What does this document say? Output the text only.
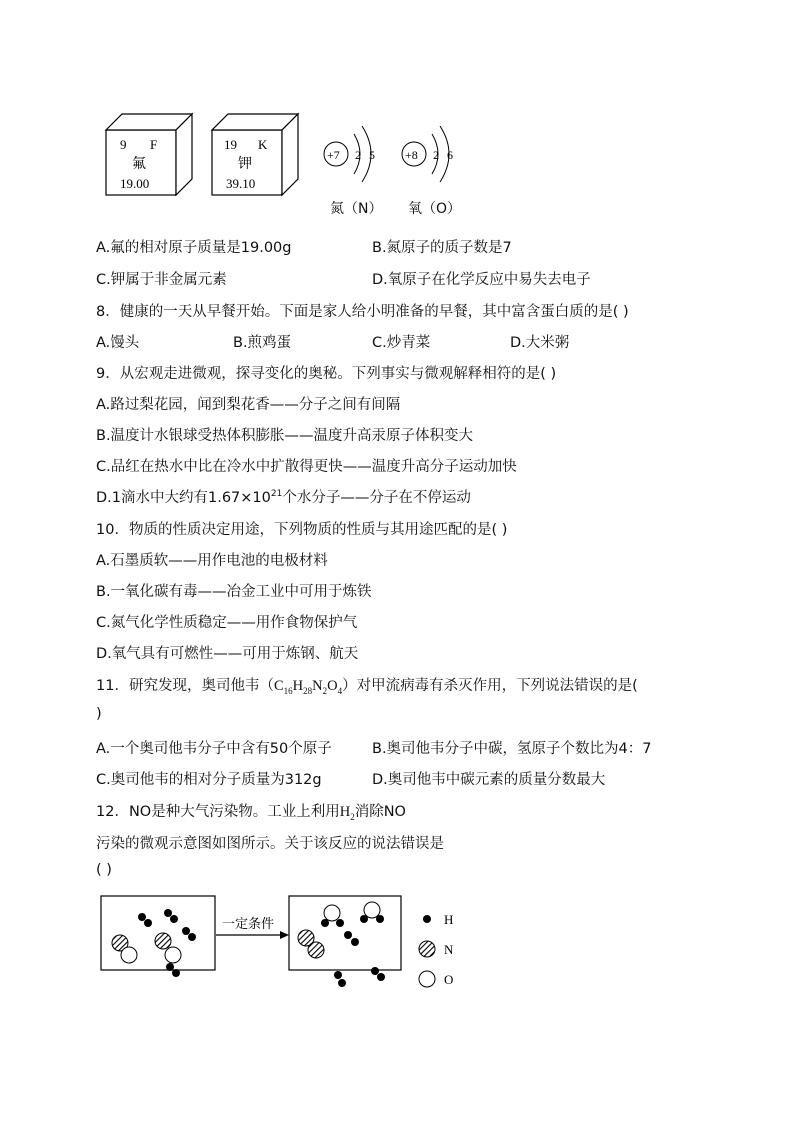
9 F
氟
19.00
19 K
钾
39.10
+7 2 5	+8 2 6
氮（N） 氧（O）
A.氟的相对原子质量是19.00g	B.氮原子的质子数是7
C.钾属于非金属元素	D.氧原子在化学反应中易失去电子
8．健康的一天从早餐开始。下面是家人给小明准备的早餐，其中富含蛋白质的是( )
A.馒头	B.煎鸡蛋	C.炒青菜	D.大米粥
9．从宏观走进微观，探寻变化的奥秘。下列事实与微观解释相符的是( )
A.路过梨花园，闻到梨花香——分子之间有间隔
B.温度计水银球受热体积膨胀——温度升高汞原子体积变大
C.品红在热水中比在冷水中扩散得更快——温度升高分子运动加快
D.1滴水中大约有$1.67\times 10^{21}$个水分子——分子在不停运动
10．物质的性质决定用途，下列物质的性质与其用途匹配的是( )
A.石墨质软——用作电池的电极材料
B.一氧化碳有毒——冶金工业中可用于炼铁
C.氮气化学性质稳定——用作食物保护气
D.氧气具有可燃性——可用于炼钢、航天
11．研究发现，奥司他韦$(C_{16}H_{28}N_2O_4)$对甲流病毒有杀灭作用，下列说法错误的是(
)
A.一个奥司他韦分子中含有50个原子	B.奥司他韦分子中碳，氢原子个数比为4：7
C.奥司他韦的相对分子质量为312g	D.奥司他韦中碳元素的质量分数最大
12．NO是种大气污染物。工业上利用$H_2$消除NO
污染的微观示意图如图所示。关于该反应的说法错误是
( )
一定条件	H
N
O
